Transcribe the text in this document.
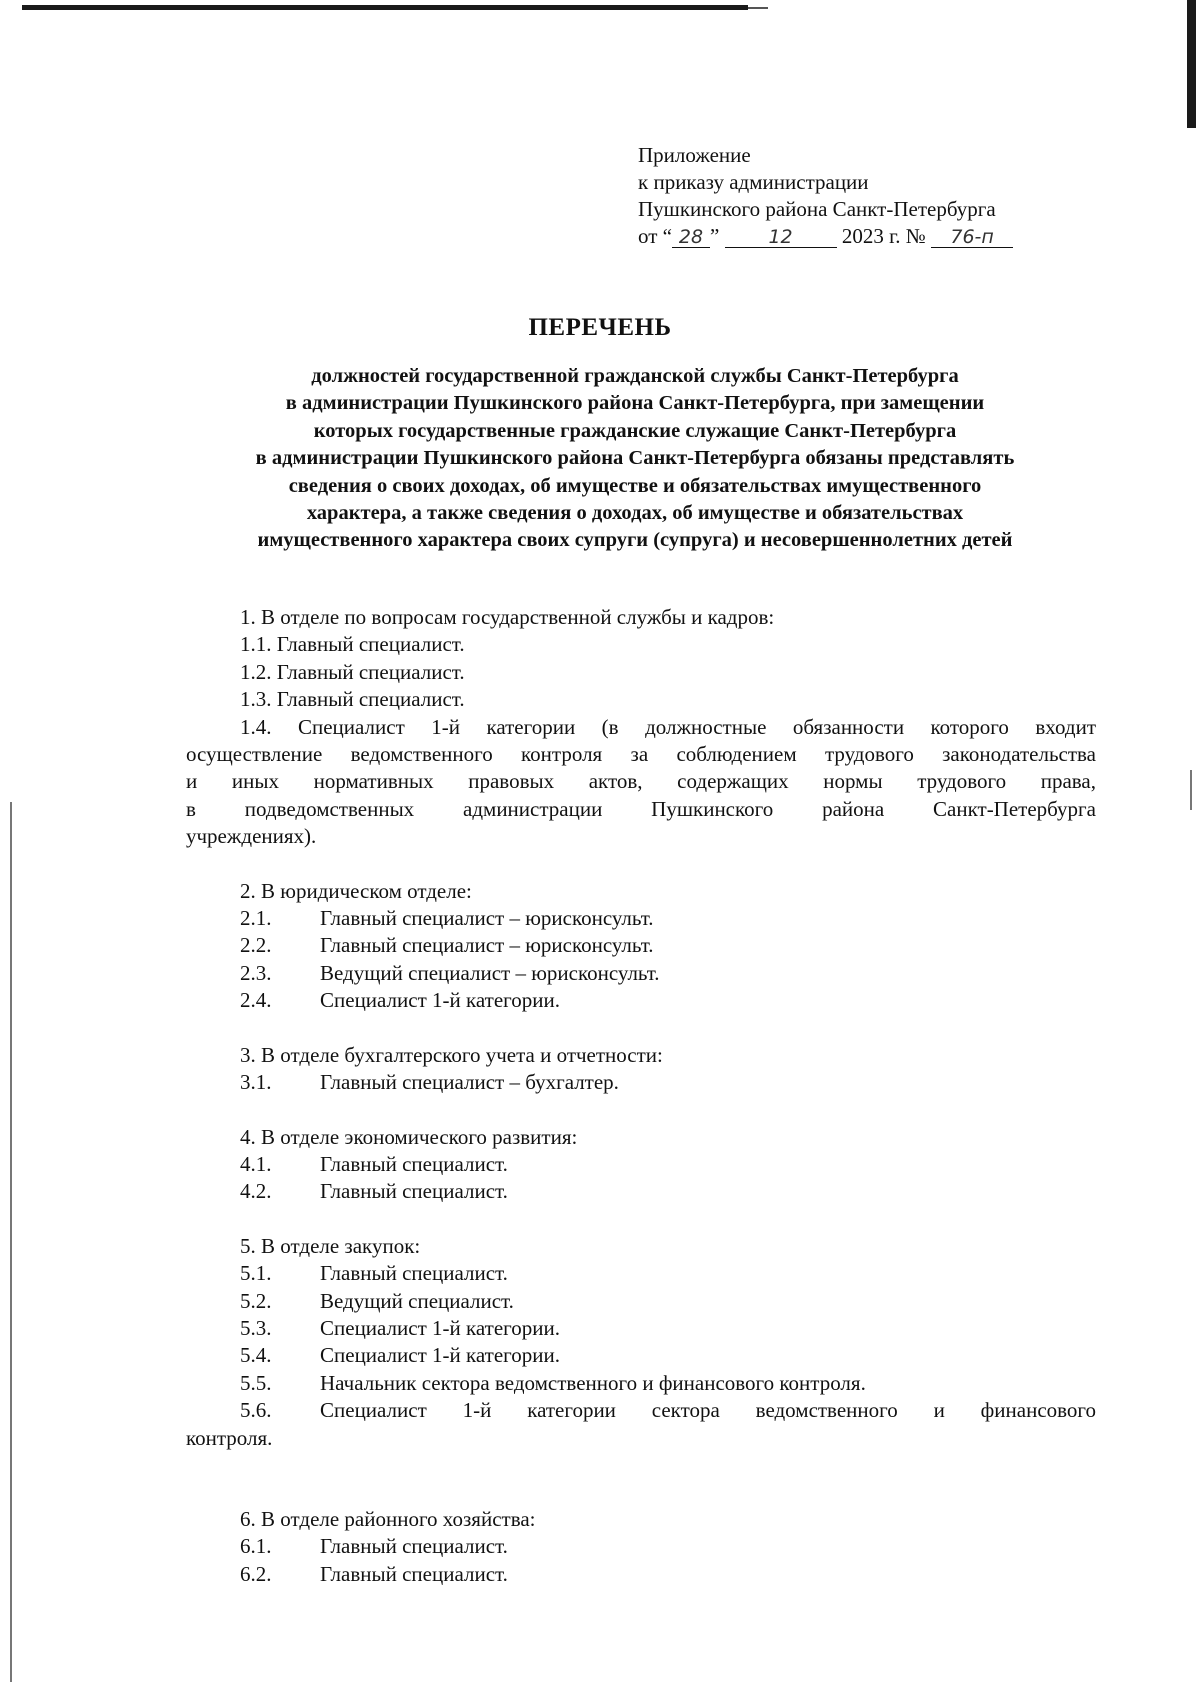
Приложение
к приказу администрации
Пушкинского района Санкт-Петербурга
от “ 28 ”	12 2023 г. № 76-п
ПЕРЕЧЕНЬ
должностей государственной гражданской службы Санкт-Петербурга
в администрации Пушкинского района Санкт-Петербурга, при замещении
которых государственные гражданские служащие Санкт-Петербурга
в администрации Пушкинского района Санкт-Петербурга обязаны представлять
сведения о своих доходах, об имуществе и обязательствах имущественного
характера, а также сведения о доходах, об имуществе и обязательствах
имущественного характера своих супруги (супруга) и несовершеннолетних детей
1. В отделе по вопросам государственной службы и кадров:
1.1. Главный специалист.
1.2. Главный специалист.
1.3. Главный специалист.
1.4. Специалист 1-й категории (в должностные обязанности которого входит
осуществление ведомственного контроля за соблюдением трудового законодательства
и иных нормативных правовых актов, содержащих нормы трудового права,
в подведомственных администрации Пушкинского района Санкт-Петербурга
учреждениях).
2. В юридическом отделе:
2.1. Главный специалист – юрисконсульт.
2.2. Главный специалист – юрисконсульт.
2.3. Ведущий специалист – юрисконсульт.
2.4. Специалист 1-й категории.
3. В отделе бухгалтерского учета и отчетности:
3.1. Главный специалист – бухгалтер.
4. В отделе экономического развития:
4.1. Главный специалист.
4.2. Главный специалист.
5. В отделе закупок:
5.1. Главный специалист.
5.2. Ведущий специалист.
5.3. Специалист 1-й категории.
5.4. Специалист 1-й категории.
5.5. Начальник сектора ведомственного и финансового контроля.
5.6. Специалист 1-й категории сектора ведомственного и финансового
контроля.
6. В отделе районного хозяйства:
6.1. Главный специалист.
6.2. Главный специалист.
